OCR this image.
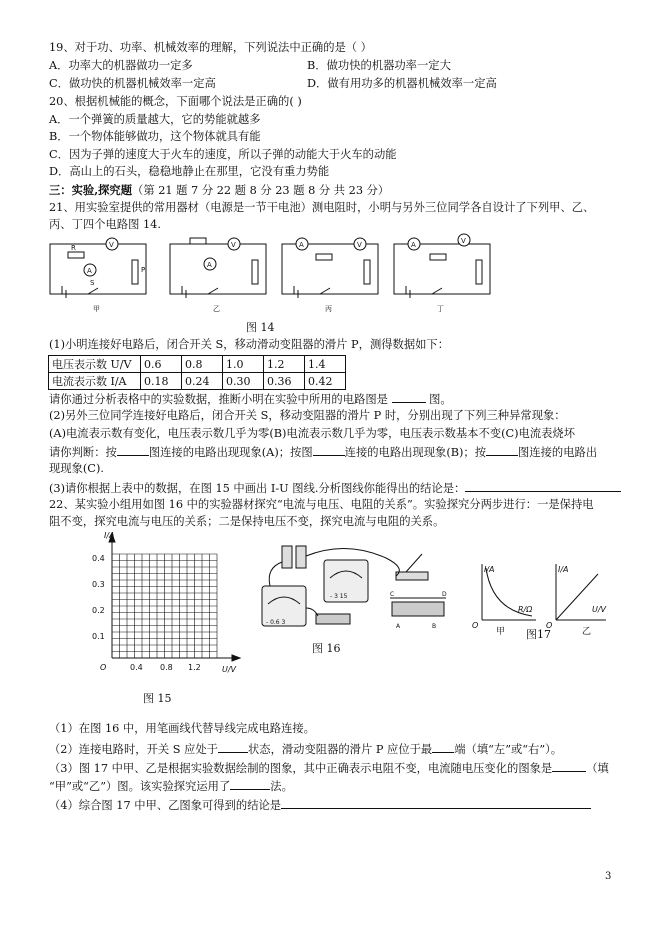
19、对于功、功率、机械效率的理解，下列说法中正确的是（ ）
A．功率大的机器做功一定多	B．做功快的机器功率一定大
C．做功快的机器机械效率一定高	D．做有用功多的机器机械效率一定高
20、根据机械能的概念，下面哪个说法是正确的( )
A．一个弹簧的质量越大，它的势能就越多
B．一个物体能够做功，这个物体就具有能
C．因为子弹的速度大于火车的速度，所以子弹的动能大于火车的动能
D．高山上的石头，稳稳地静止在那里，它没有重力势能
三：实验,探究题（第 21 题 7 分 22 题 8 分 23 题 8 分 共 23 分）
21、用实验室提供的常用器材（电源是一节干电池）测电阻时，小明与另外三位同学各自设计了下列甲、乙、
丙、丁四个电路图 14.
V
A
R
P
S
甲
V
A
乙
A	V
丙
A	V
丁
图 14
(1)小明连接好电路后，闭合开关 S，移动滑动变阻器的滑片 P，测得数据如下：
电压表示数 U/V	0.6	0.8	1.0	1.2	1.4
电流表示数 I/A	0.18	0.24	0.30	0.36	0.42
请你通过分析表格中的实验数据，推断小明在实验中所用的电路图是	图。
(2)另外三位同学连接好电路后，闭合开关 S，移动变阻器的滑片 P 时，分别出现了下列三种异常现象：
(A)电流表示数有变化，电压表示数几乎为零(B)电流表示数几乎为零，电压表示数基本不变(C)电流表烧坏
请你判断：按	图连接的电路出现现象(A)；按图	连接的电路出现现象(B)；按	图连接的电路出
现现象(C).
(3)请你根据上表中的数据，在图 15 中画出 I-U 图线.分析图线你能得出的结论是：
22、某实验小组用如图 16 中的实验器材探究“电流与电压、电阻的关系”。实验探究分两步进行：一是保持电
阻不变，探究电流与电压的关系；二是保持电压不变，探究电流与电阻的关系。
I/A
U/V
O
0.4
0.3
0.2
0.1
0.4 0.8 1.2
图 15
- 0.6 3
- 3 15	C	D
A	B
图 16
I/A
R/Ω
O
I/A
U/V
O
甲	乙
图17
（1）在图 16 中，用笔画线代替导线完成电路连接。
（2）连接电路时，开关 S 应处于	状态，滑动变阻器的滑片 P 应位于最 端（填“左”或“右”）。
（3）图 17 中甲、乙是根据实验数据绘制的图象，其中正确表示电阻不变，电流随电压变化的图象是	（填
“甲”或“乙”）图。该实验探究运用了	法。
（4）综合图 17 中甲、乙图象可得到的结论是
3
